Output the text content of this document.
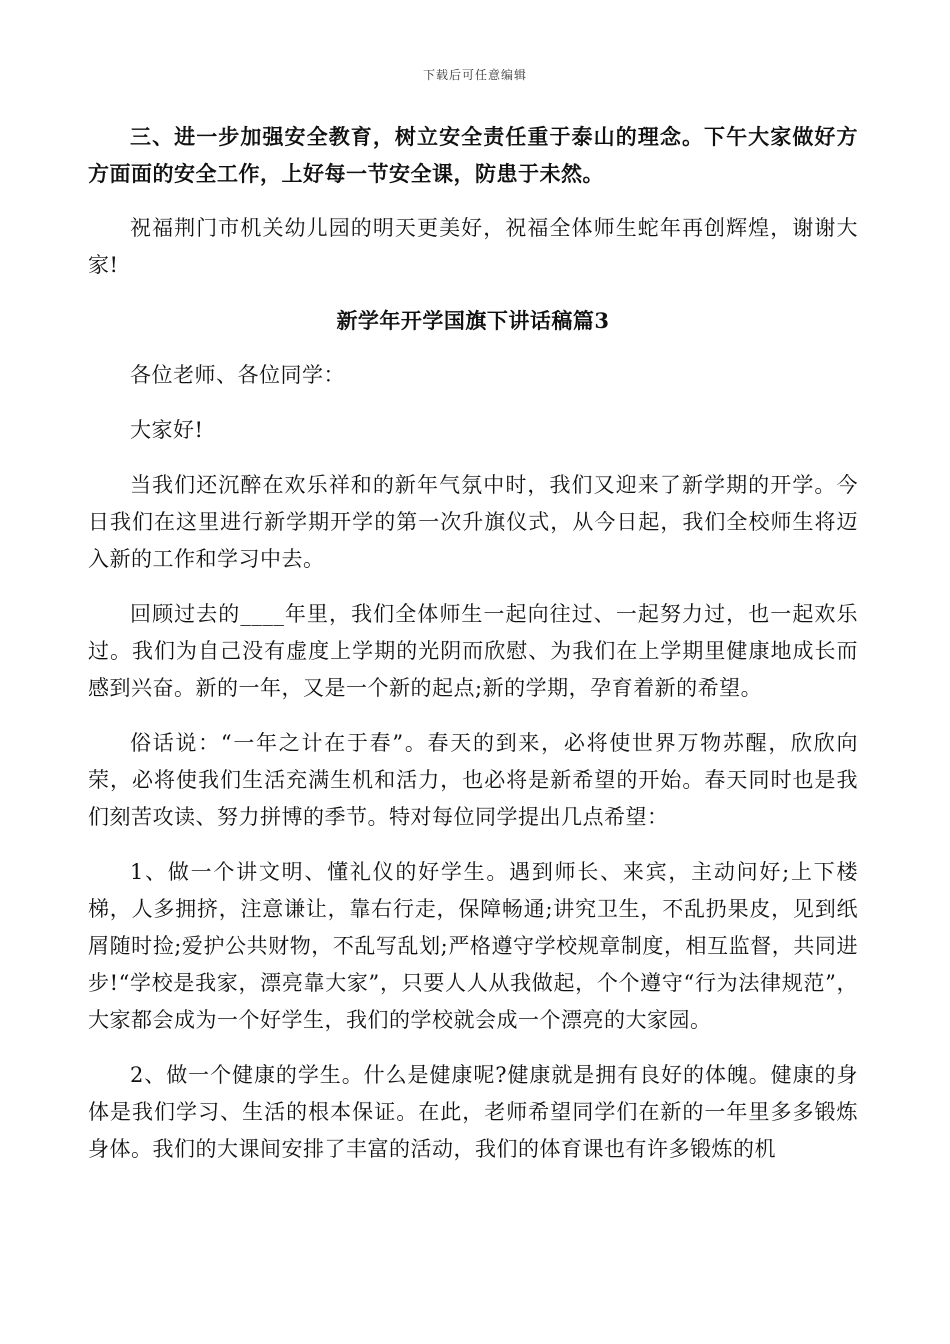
下载后可任意编辑

三、进一步加强安全教育，树立安全责任重于泰山的理念。下午大家做好方方面面的安全工作，上好每一节安全课，防患于未然。

祝福荆门市机关幼儿园的明天更美好，祝福全体师生蛇年再创辉煌，谢谢大家!

新学年开学国旗下讲话稿篇3

各位老师、各位同学：

大家好!

当我们还沉醉在欢乐祥和的新年气氛中时，我们又迎来了新学期的开学。今日我们在这里进行新学期开学的第一次升旗仪式，从今日起，我们全校师生将迈入新的工作和学习中去。

回顾过去的____年里，我们全体师生一起向往过、一起努力过，也一起欢乐过。我们为自己没有虚度上学期的光阴而欣慰、为我们在上学期里健康地成长而感到兴奋。新的一年，又是一个新的起点;新的学期，孕育着新的希望。

俗话说：“一年之计在于春”。春天的到来，必将使世界万物苏醒，欣欣向荣，必将使我们生活充满生机和活力，也必将是新希望的开始。春天同时也是我们刻苦攻读、努力拼博的季节。特对每位同学提出几点希望：

1、做一个讲文明、懂礼仪的好学生。遇到师长、来宾，主动问好;上下楼梯，人多拥挤，注意谦让，靠右行走，保障畅通;讲究卫生，不乱扔果皮，见到纸屑随时捡;爱护公共财物，不乱写乱划;严格遵守学校规章制度，相互监督，共同进步!“学校是我家，漂亮靠大家”，只要人人从我做起，个个遵守“行为法律规范”，大家都会成为一个好学生，我们的学校就会成一个漂亮的大家园。

2、做一个健康的学生。什么是健康呢?健康就是拥有良好的体魄。健康的身体是我们学习、生活的根本保证。在此，老师希望同学们在新的一年里多多锻炼身体。我们的大课间安排了丰富的活动，我们的体育课也有许多锻炼的机
